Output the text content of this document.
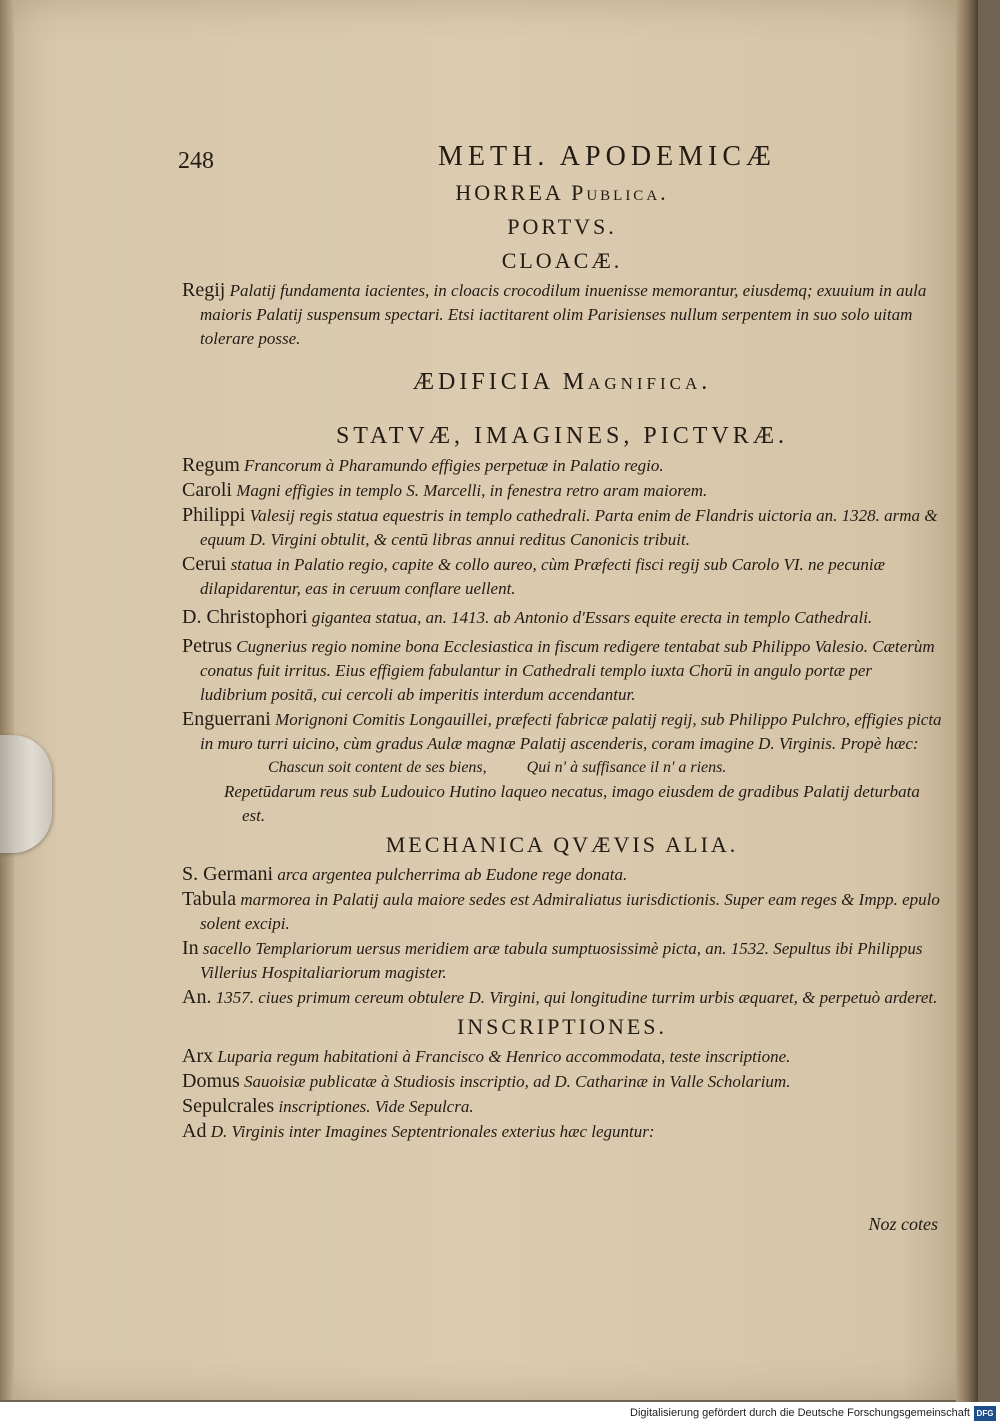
248	METH. APODEMICÆ
HORREA Publica.
PORTVS.
CLOACÆ.

Regij Palatij fundamenta iacientes, in cloacis crocodilum inuenisse memorantur, eiusdemq; exuuium in aula maioris Palatij suspensum spectari. Etsi iactitarent olim Parisienses nullum serpentem in suo solo uitam tolerare posse.

ÆDIFICIA Magnifica.
STATVÆ, IMAGINES, PICTVRÆ.

Regum Francorum à Pharamundo effigies perpetuæ in Palatio regio.

Caroli Magni effigies in templo S. Marcelli, in fenestra retro aram maiorem.

Philippi Valesij regis statua equestris in templo cathedrali. Parta enim de Flandris uictoria an. 1328. arma & equum D. Virgini obtulit, & centū libras annui reditus Canonicis tribuit.

Cerui statua in Palatio regio, capite & collo aureo, cùm Præfecti fisci regij sub Carolo VI. ne pecuniæ dilapidarentur, eas in ceruum conflare uellent.

D. Christophori gigantea statua, an. 1413. ab Antonio d'Essars equite erecta in templo Cathedrali.

Petrus Cugnerius regio nomine bona Ecclesiastica in fiscum redigere tentabat sub Philippo Valesio. Cæterùm conatus fuit irritus. Eius effigiem fabulantur in Cathedrali templo iuxta Chorū in angulo portæ per ludibrium positā, cui cercoli ab imperitis interdum accendantur.

Enguerrani Morignoni Comitis Longauillei, præfecti fabricæ palatij regij, sub Philippo Pulchro, effigies picta in muro turri uicino, cùm gradus Aulæ magnæ Palatij ascenderis, coram imagine D. Virginis. Propè hæc:

Chascun soit content de ses biens,	Qui n' à suffisance il n' a riens.

Repetūdarum reus sub Ludouico Hutino laqueo necatus, imago eiusdem de gradibus Palatij deturbata est.

MECHANICA QVÆVIS ALIA.

S. Germani arca argentea pulcherrima ab Eudone rege donata.

Tabula marmorea in Palatij aula maiore sedes est Admiraliatus iurisdictionis. Super eam reges & Impp. epulo solent excipi.

In sacello Templariorum uersus meridiem aræ tabula sumptuosissimè picta, an. 1532. Sepultus ibi Philippus Villerius Hospitaliariorum magister.

An. 1357. ciues primum cereum obtulere D. Virgini, qui longitudine turrim urbis æquaret, & perpetuò arderet.

INSCRIPTIONES.

Arx Luparia regum habitationi à Francisco & Henrico accommodata, teste inscriptione.

Domus Sauoisiæ publicatæ à Studiosis inscriptio, ad D. Catharinæ in Valle Scholarium.

Sepulcrales inscriptiones. Vide Sepulcra.

Ad D. Virginis inter Imagines Septentrionales exterius hæc leguntur:

Noz cotes
Digitalisierung gefördert durch die Deutsche Forschungsgemeinschaft DFG
